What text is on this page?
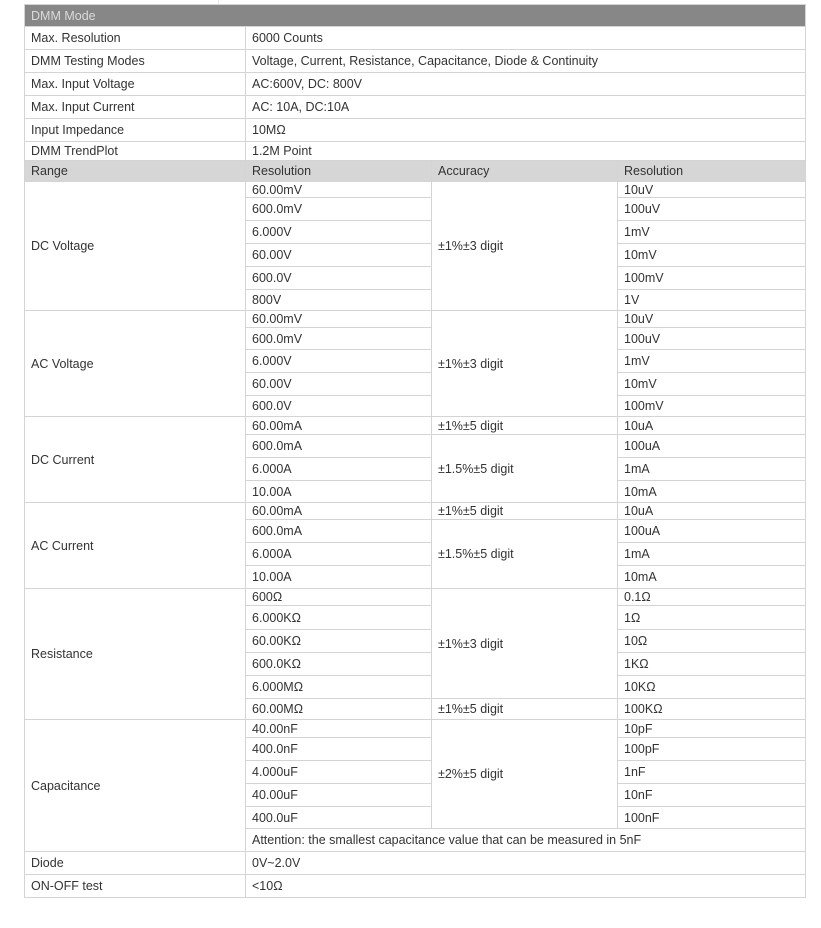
DMM Mode			
Max. Resolution	6000 Counts		
DMM Testing Modes	Voltage, Current, Resistance, Capacitance, Diode & Continuity		
Max. Input Voltage	AC:600V, DC: 800V		
Max. Input Current	AC: 10A, DC:10A		
Input Impedance	10MΩ		
DMM TrendPlot	1.2M Point		
Range	Resolution	Accuracy	Resolution
DC Voltage	60.00mV	±1%±3 digit	10uV
	600.0mV		100uV
	6.000V		1mV
	60.00V		10mV
	600.0V		100mV
	800V		1V
AC Voltage	60.00mV	±1%±3 digit	10uV
	600.0mV		100uV
	6.000V		1mV
	60.00V		10mV
	600.0V		100mV
DC Current	60.00mA	±1%±5 digit	10uA
	600.0mA	±1.5%±5 digit	100uA
	6.000A		1mA
	10.00A		10mA
AC Current	60.00mA	±1%±5 digit	10uA
	600.0mA	±1.5%±5 digit	100uA
	6.000A		1mA
	10.00A		10mA
Resistance	600Ω	±1%±3 digit	0.1Ω
	6.000KΩ		1Ω
	60.00KΩ		10Ω
	600.0KΩ		1KΩ
	6.000MΩ		10KΩ
	60.00MΩ	±1%±5 digit	100KΩ
Capacitance	40.00nF	±2%±5 digit	10pF
	400.0nF		100pF
	4.000uF		1nF
	40.00uF		10nF
	400.0uF		100nF
	Attention: the smallest capacitance value that can be measured in 5nF		
Diode	0V~2.0V		
ON-OFF test	<10Ω		
